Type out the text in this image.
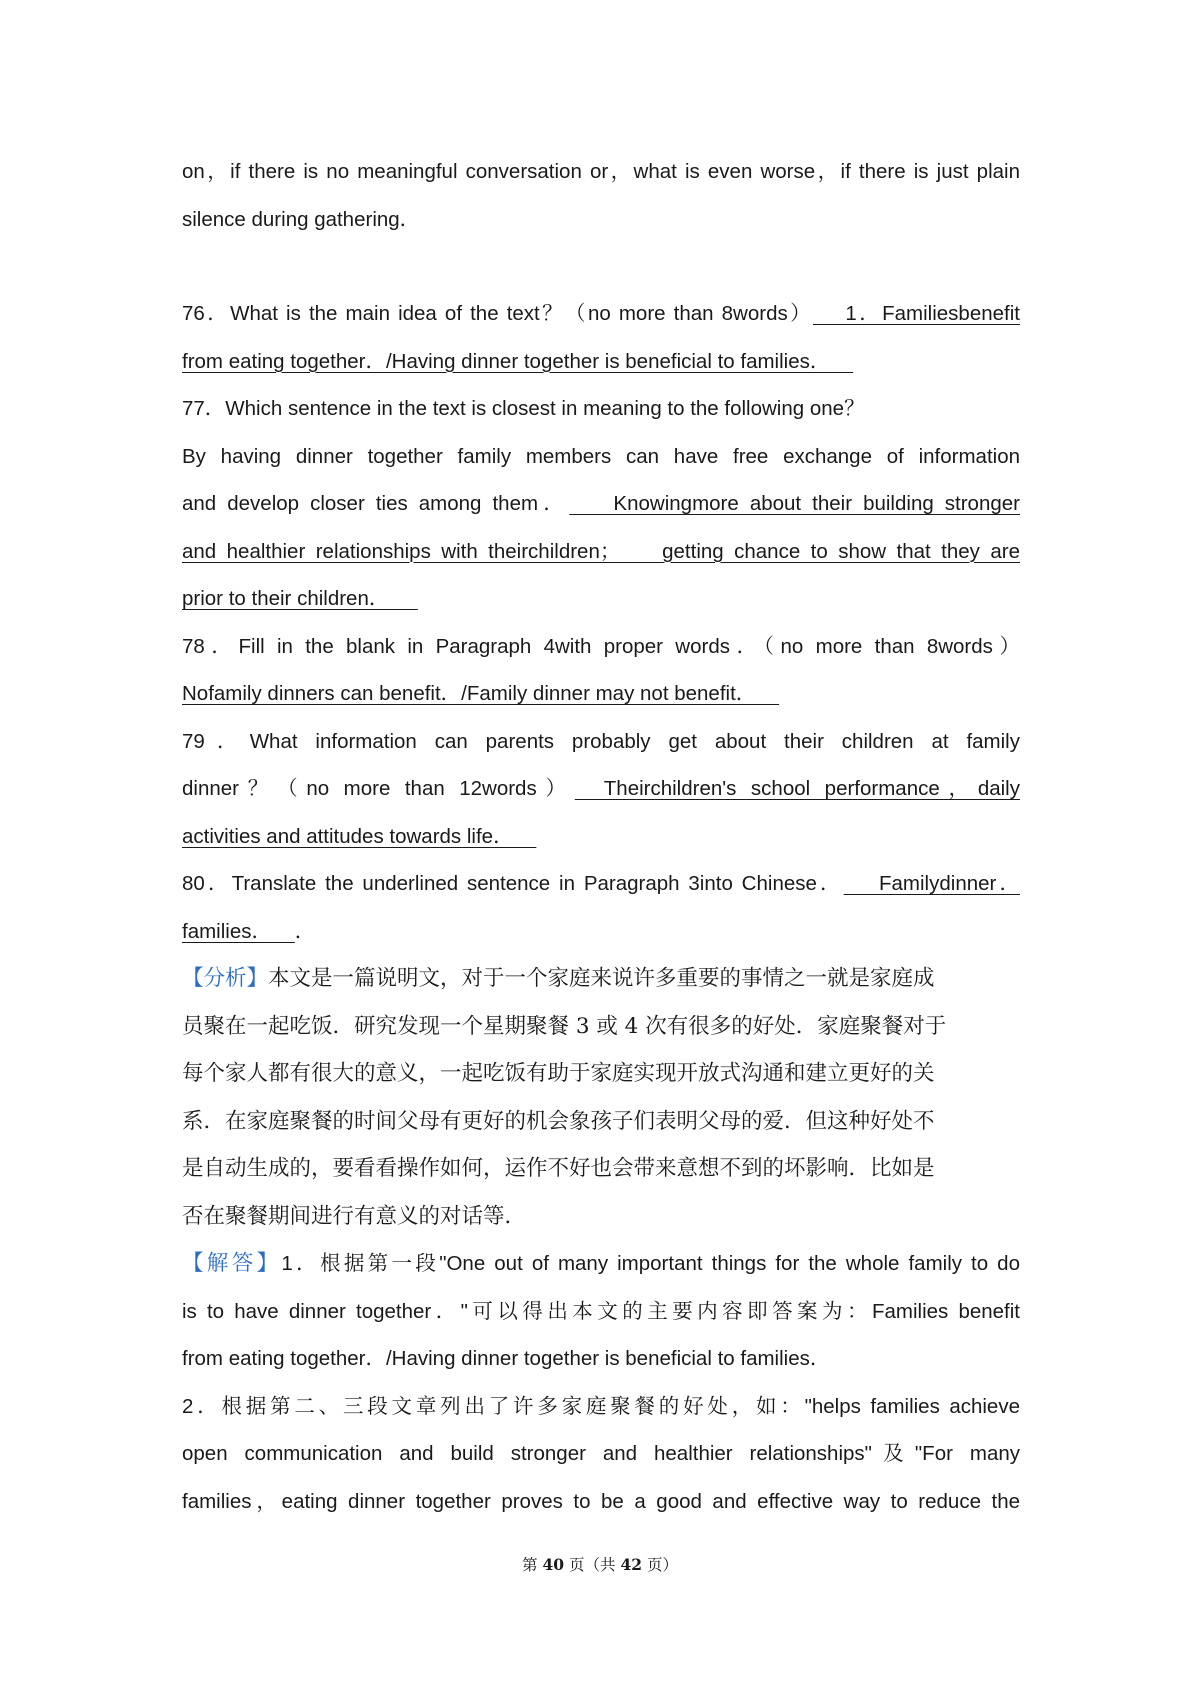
on，if there is no meaningful conversation or，what is even worse，if there is just plain
silence during gathering．
76．What is the main idea of the text？（no more than 8words）    1．Familiesbenefit
from eating together．/Having dinner together is beneficial to families．
77．Which sentence in the text is closest in meaning to the following one？
By having dinner together family members can have free exchange of information
and develop closer ties among them．    Knowingmore about their building stronger
and healthier relationships with theirchildren；    getting chance to show that they are
prior to their children．
78．Fill in the blank in Paragraph 4with proper words．（no more than 8words）
Nofamily dinners can benefit．/Family dinner may not benefit．
79．What information can parents probably get about their children at family
dinner？（no more than 12words）  Theirchildren's school performance，daily
activities and attitudes towards life．
80．Translate the underlined sentence in Paragraph 3into Chinese．    Familydinner．
families．    ．
【分析】本文是一篇说明文，对于一个家庭来说许多重要的事情之一就是家庭成
员聚在一起吃饭．研究发现一个星期聚餐 3 或 4 次有很多的好处．家庭聚餐对于
每个家人都有很大的意义，一起吃饭有助于家庭实现开放式沟通和建立更好的关
系．在家庭聚餐的时间父母有更好的机会象孩子们表明父母的爱．但这种好处不
是自动生成的，要看看操作如何，运作不好也会带来意想不到的坏影响．比如是
否在聚餐期间进行有意义的对话等．
【解答】1．根据第一段"One out of many important things for the whole family to do
is to have dinner together．"可以得出本文的主要内容即答案为：Families benefit
from eating together．/Having dinner together is beneficial to families．
2．根据第二、三段文章列出了许多家庭聚餐的好处，如："helps families achieve
open communication and build stronger and healthier relationships"及"For many
families，eating dinner together proves to be a good and effective way to reduce the
第 40 页（共 42 页）
